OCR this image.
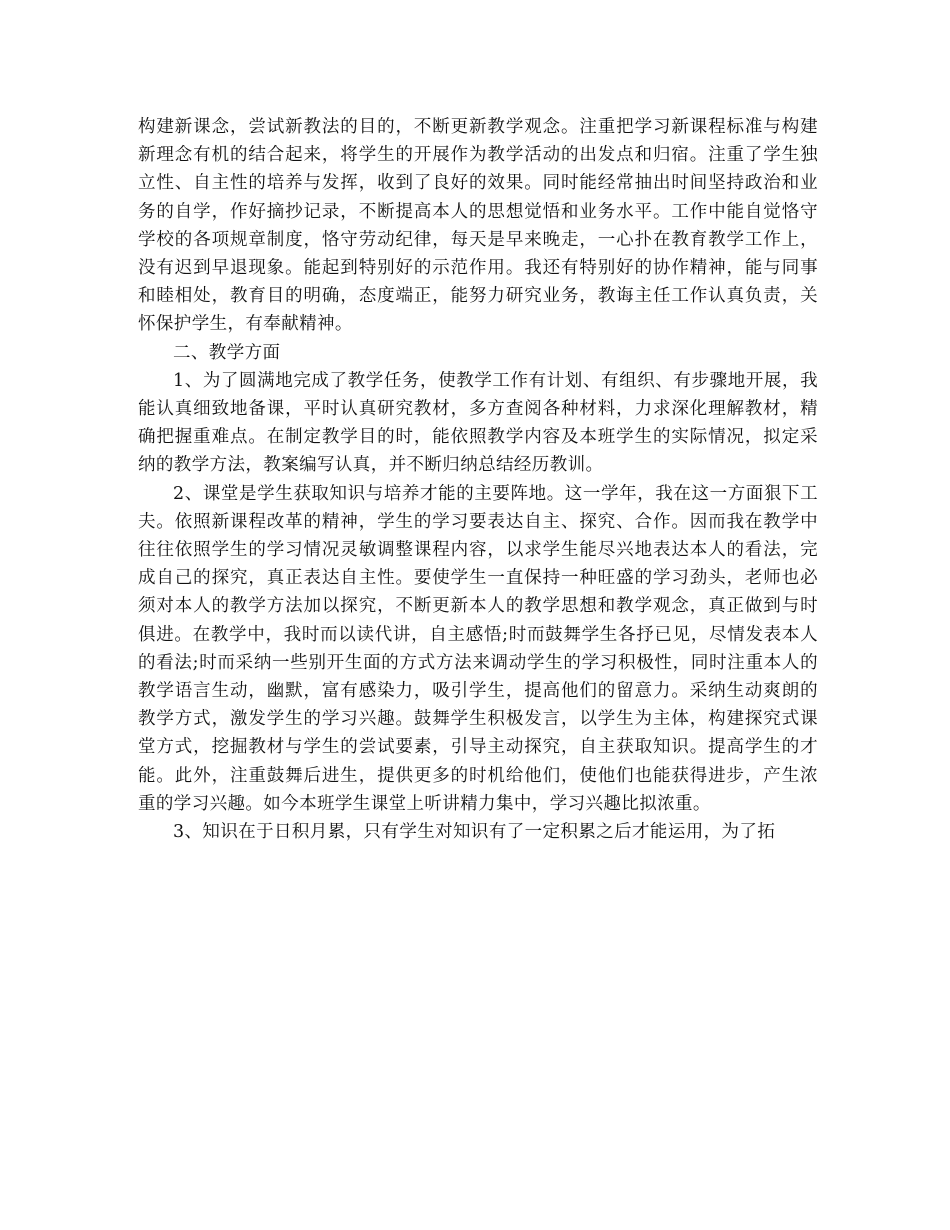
构建新课念，尝试新教法的目的，不断更新教学观念。注重把学习新课程标准与构建新理念有机的结合起来，将学生的开展作为教学活动的出发点和归宿。注重了学生独立性、自主性的培养与发挥，收到了良好的效果。同时能经常抽出时间坚持政治和业务的自学，作好摘抄记录，不断提高本人的思想觉悟和业务水平。工作中能自觉恪守学校的各项规章制度，恪守劳动纪律，每天是早来晚走，一心扑在教育教学工作上，没有迟到早退现象。能起到特别好的示范作用。我还有特别好的协作精神，能与同事和睦相处，教育目的明确，态度端正，能努力研究业务，教诲主任工作认真负责，关怀保护学生，有奉献精神。

二、教学方面

1、为了圆满地完成了教学任务，使教学工作有计划、有组织、有步骤地开展，我能认真细致地备课，平时认真研究教材，多方查阅各种材料，力求深化理解教材，精确把握重难点。在制定教学目的时，能依照教学内容及本班学生的实际情况，拟定采纳的教学方法，教案编写认真，并不断归纳总结经历教训。

2、课堂是学生获取知识与培养才能的主要阵地。这一学年，我在这一方面狠下工夫。依照新课程改革的精神，学生的学习要表达自主、探究、合作。因而我在教学中往往依照学生的学习情况灵敏调整课程内容，以求学生能尽兴地表达本人的看法，完成自己的探究，真正表达自主性。要使学生一直保持一种旺盛的学习劲头，老师也必须对本人的教学方法加以探究，不断更新本人的教学思想和教学观念，真正做到与时俱进。在教学中，我时而以读代讲，自主感悟;时而鼓舞学生各抒已见，尽情发表本人的看法;时而采纳一些别开生面的方式方法来调动学生的学习积极性，同时注重本人的教学语言生动，幽默，富有感染力，吸引学生，提高他们的留意力。采纳生动爽朗的教学方式，激发学生的学习兴趣。鼓舞学生积极发言，以学生为主体，构建探究式课堂方式，挖掘教材与学生的尝试要素，引导主动探究，自主获取知识。提高学生的才能。此外，注重鼓舞后进生，提供更多的时机给他们，使他们也能获得进步，产生浓重的学习兴趣。如今本班学生课堂上听讲精力集中，学习兴趣比拟浓重。

3、知识在于日积月累，只有学生对知识有了一定积累之后才能运用，为了拓
